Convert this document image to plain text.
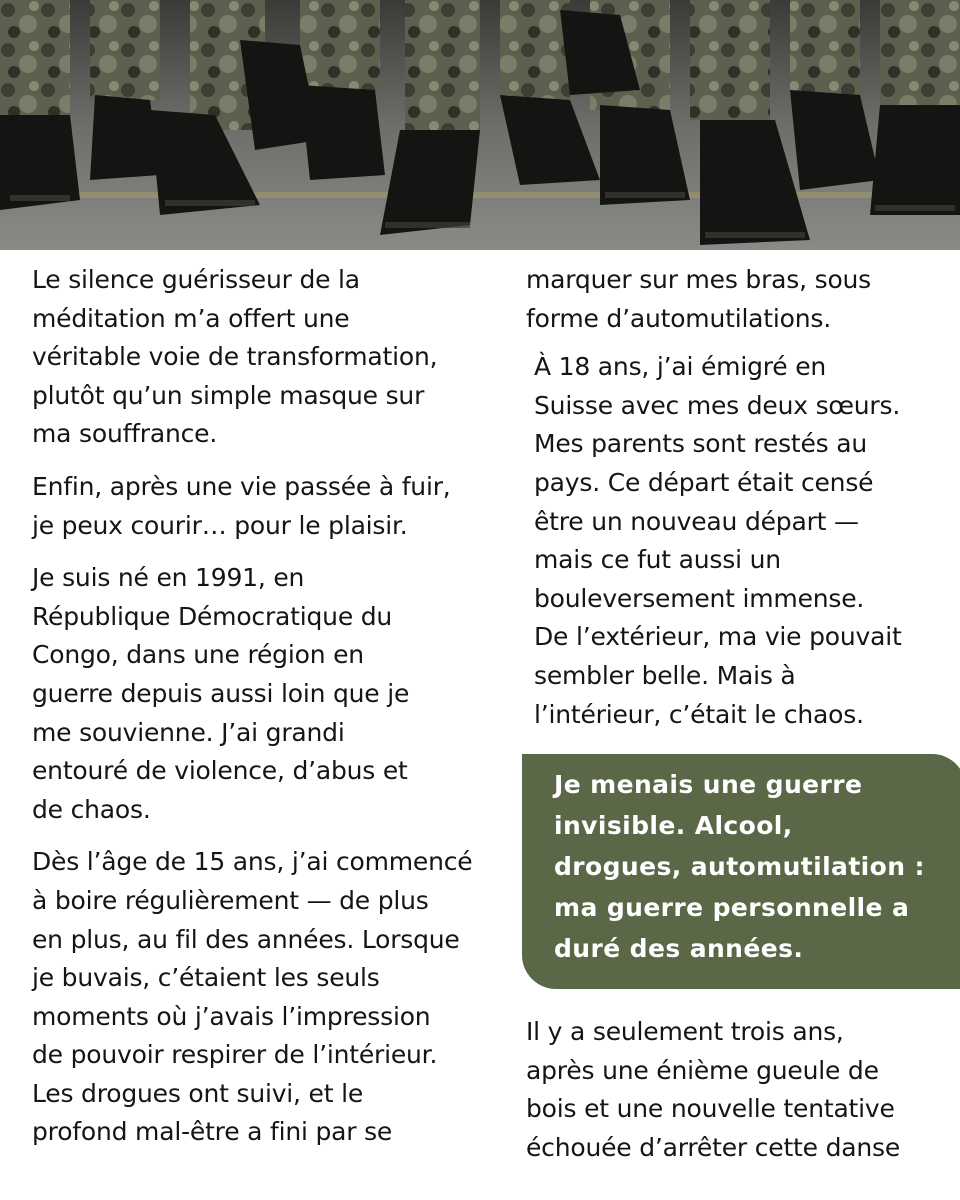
Le silence guérisseur de la
méditation m’a offert une
véritable voie de transformation,
plutôt qu’un simple masque sur
ma souffrance.

Enfin, après une vie passée à fuir,
je peux courir… pour le plaisir.

Je suis né en 1991, en
République Démocratique du
Congo, dans une région en
guerre depuis aussi loin que je
me souvienne. J’ai grandi
entouré de violence, d’abus et
de chaos.

Dès l’âge de 15 ans, j’ai commencé
à boire régulièrement — de plus
en plus, au fil des années. Lorsque
je buvais, c’étaient les seuls
moments où j’avais l’impression
de pouvoir respirer de l’intérieur.
Les drogues ont suivi, et le
profond mal-être a fini par se

marquer sur mes bras, sous
forme d’automutilations.

À 18 ans, j’ai émigré en
Suisse avec mes deux sœurs.
Mes parents sont restés au
pays. Ce départ était censé
être un nouveau départ —
mais ce fut aussi un
bouleversement immense.
De l’extérieur, ma vie pouvait
sembler belle. Mais à
l’intérieur, c’était le chaos.

Je menais une guerre
invisible. Alcool,
drogues, automutilation :
ma guerre personnelle a
duré des années.

Il y a seulement trois ans,
après une énième gueule de
bois et une nouvelle tentative
échouée d’arrêter cette danse
